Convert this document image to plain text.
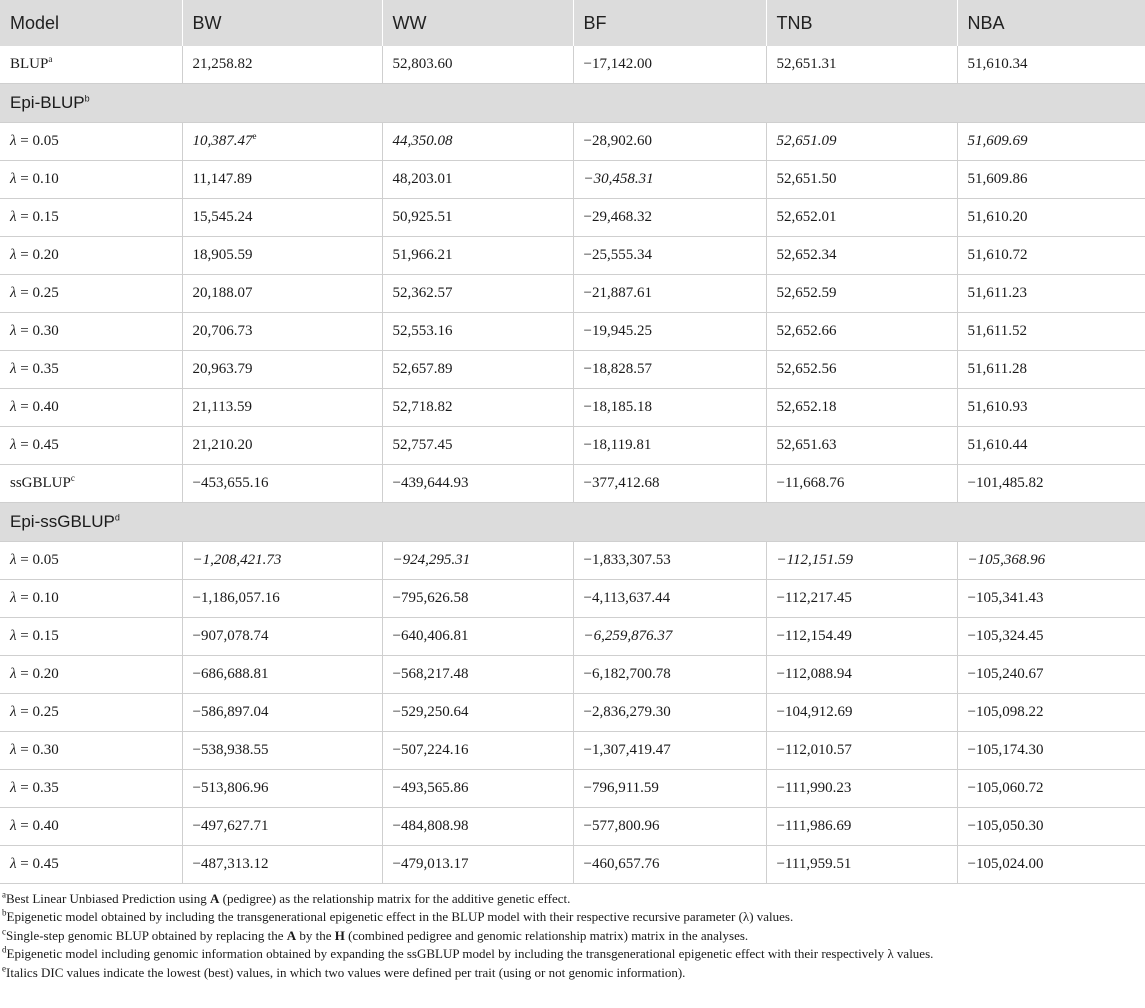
Model	BW	WW	BF	TNB	NBA
BLUP$^a$	21,258.82	52,803.60	−17,142.00	52,651.31	51,610.34
Epi-BLUP$^b$
λ = 0.05	10,387.47e	44,350.08	−28,902.60	52,651.09	51,609.69
λ = 0.10	11,147.89	48,203.01	−30,458.31	52,651.50	51,609.86
λ = 0.15	15,545.24	50,925.51	−29,468.32	52,652.01	51,610.20
λ = 0.20	18,905.59	51,966.21	−25,555.34	52,652.34	51,610.72
λ = 0.25	20,188.07	52,362.57	−21,887.61	52,652.59	51,611.23
λ = 0.30	20,706.73	52,553.16	−19,945.25	52,652.66	51,611.52
λ = 0.35	20,963.79	52,657.89	−18,828.57	52,652.56	51,611.28
λ = 0.40	21,113.59	52,718.82	−18,185.18	52,652.18	51,610.93
λ = 0.45	21,210.20	52,757.45	−18,119.81	52,651.63	51,610.44
ssGBLUP$^c$	−453,655.16	−439,644.93	−377,412.68	−11,668.76	−101,485.82
Epi-ssGBLUP$^d$
λ = 0.05	−1,208,421.73	−924,295.31	−1,833,307.53	−112,151.59	−105,368.96
λ = 0.10	−1,186,057.16	−795,626.58	−4,113,637.44	−112,217.45	−105,341.43
λ = 0.15	−907,078.74	−640,406.81	−6,259,876.37	−112,154.49	−105,324.45
λ = 0.20	−686,688.81	−568,217.48	−6,182,700.78	−112,088.94	−105,240.67
λ = 0.25	−586,897.04	−529,250.64	−2,836,279.30	−104,912.69	−105,098.22
λ = 0.30	−538,938.55	−507,224.16	−1,307,419.47	−112,010.57	−105,174.30
λ = 0.35	−513,806.96	−493,565.86	−796,911.59	−111,990.23	−105,060.72
λ = 0.40	−497,627.71	−484,808.98	−577,800.96	−111,986.69	−105,050.30
λ = 0.45	−487,313.12	−479,013.17	−460,657.76	−111,959.51	−105,024.00
$^a$Best Linear Unbiased Prediction using A (pedigree) as the relationship matrix for the additive genetic effect.
$^b$Epigenetic model obtained by including the transgenerational epigenetic effect in the BLUP model with their respective recursive parameter (λ) values.
$^c$Single-step genomic BLUP obtained by replacing the A by the H (combined pedigree and genomic relationship matrix) matrix in the analyses.
$^d$Epigenetic model including genomic information obtained by expanding the ssGBLUP model by including the transgenerational epigenetic effect with their respectively λ values.
$^e$Italics DIC values indicate the lowest (best) values, in which two values were defined per trait (using or not genomic information).
